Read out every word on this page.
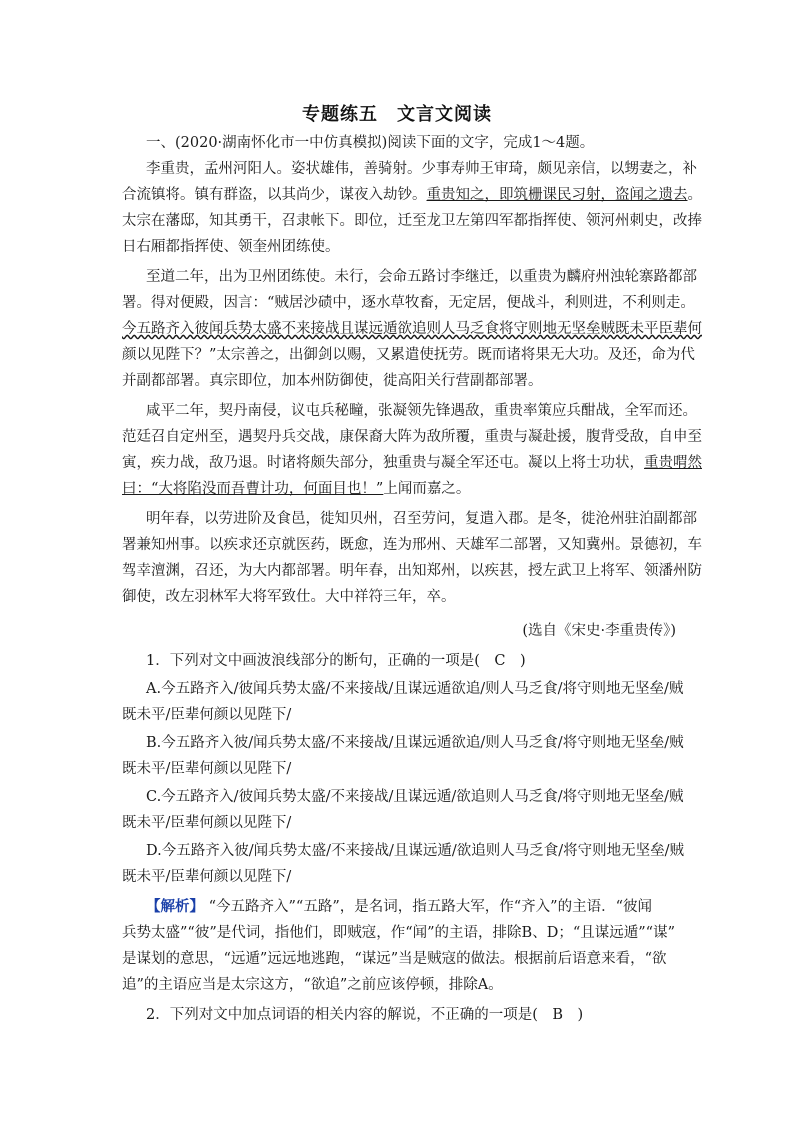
专题练五　文言文阅读
一、(2020·湖南怀化市一中仿真模拟)阅读下面的文字，完成1～4题。
李重贵，孟州河阳人。姿状雄伟，善骑射。少事寿帅王审琦，颇见亲信，以甥妻之，补
合流镇将。镇有群盗，以其尚少，谋夜入劫钞。重贵知之，即筑栅课民习射，盗闻之遗去。
太宗在藩邸，知其勇干，召隶帐下。即位，迁至龙卫左第四军都指挥使、领河州刺史，改捧
日右厢都指挥使、领奎州团练使。
至道二年，出为卫州团练使。未行，会命五路讨李继迁，以重贵为麟府州浊轮寨路都部
署。得对便殿，因言：“贼居沙碛中，逐水草牧畜，无定居，便战斗，利则进，不利则走。
今五路齐入彼闻兵势太盛不来接战且谋远遁欲追则人马乏食将守则地无坚垒贼既未平臣辈何
颜以见陛下？”太宗善之，出御剑以赐，又累遣使抚劳。既而诸将果无大功。及还，命为代
并副都部署。真宗即位，加本州防御使，徙高阳关行营副都部署。
咸平二年，契丹南侵，议屯兵秘疃，张凝领先锋遇敌，重贵率策应兵酣战，全军而还。
范廷召自定州至，遇契丹兵交战，康保裔大阵为敌所覆，重贵与凝赴援，腹背受敌，自申至
寅，疾力战，敌乃退。时诸将颇失部分，独重贵与凝全军还屯。凝以上将士功状，重贵喟然
曰：“大将陷没而吾曹计功，何面目也！”上闻而嘉之。
明年春，以劳进阶及食邑，徙知贝州，召至劳问，复遣入郡。是冬，徙沧州驻泊副都部
署兼知州事。以疾求还京就医药，既愈，连为邢州、天雄军二部署，又知冀州。景德初，车
驾幸澶渊，召还，为大内都部署。明年春，出知郑州，以疾甚，授左武卫上将军、领潘州防
御使，改左羽林军大将军致仕。大中祥符三年，卒。
(选自《宋史·李重贵传》)
1．下列对文中画波浪线部分的断句，正确的一项是(　C　)
A.今五路齐入/彼闻兵势太盛/不来接战/且谋远遁欲追/则人马乏食/将守则地无坚垒/贼
既未平/臣辈何颜以见陛下/
B.今五路齐入彼/闻兵势太盛/不来接战/且谋远遁欲追/则人马乏食/将守则地无坚垒/贼
既未平/臣辈何颜以见陛下/
C.今五路齐入/彼闻兵势太盛/不来接战/且谋远遁/欲追则人马乏食/将守则地无坚垒/贼
既未平/臣辈何颜以见陛下/
D.今五路齐入彼/闻兵势太盛/不来接战/且谋远遁/欲追则人马乏食/将守则地无坚垒/贼
既未平/臣辈何颜以见陛下/
【解析】 “今五路齐入”“五路”，是名词，指五路大军，作“齐入”的主语．“彼闻
兵势太盛”“彼”是代词，指他们，即贼寇，作“闻”的主语，排除B、D；“且谋远遁”“谋”
是谋划的意思，“远遁”远远地逃跑，“谋远”当是贼寇的做法。根据前后语意来看，“欲
追”的主语应当是太宗这方，“欲追”之前应该停顿，排除A。
2．下列对文中加点词语的相关内容的解说，不正确的一项是(　B　)
